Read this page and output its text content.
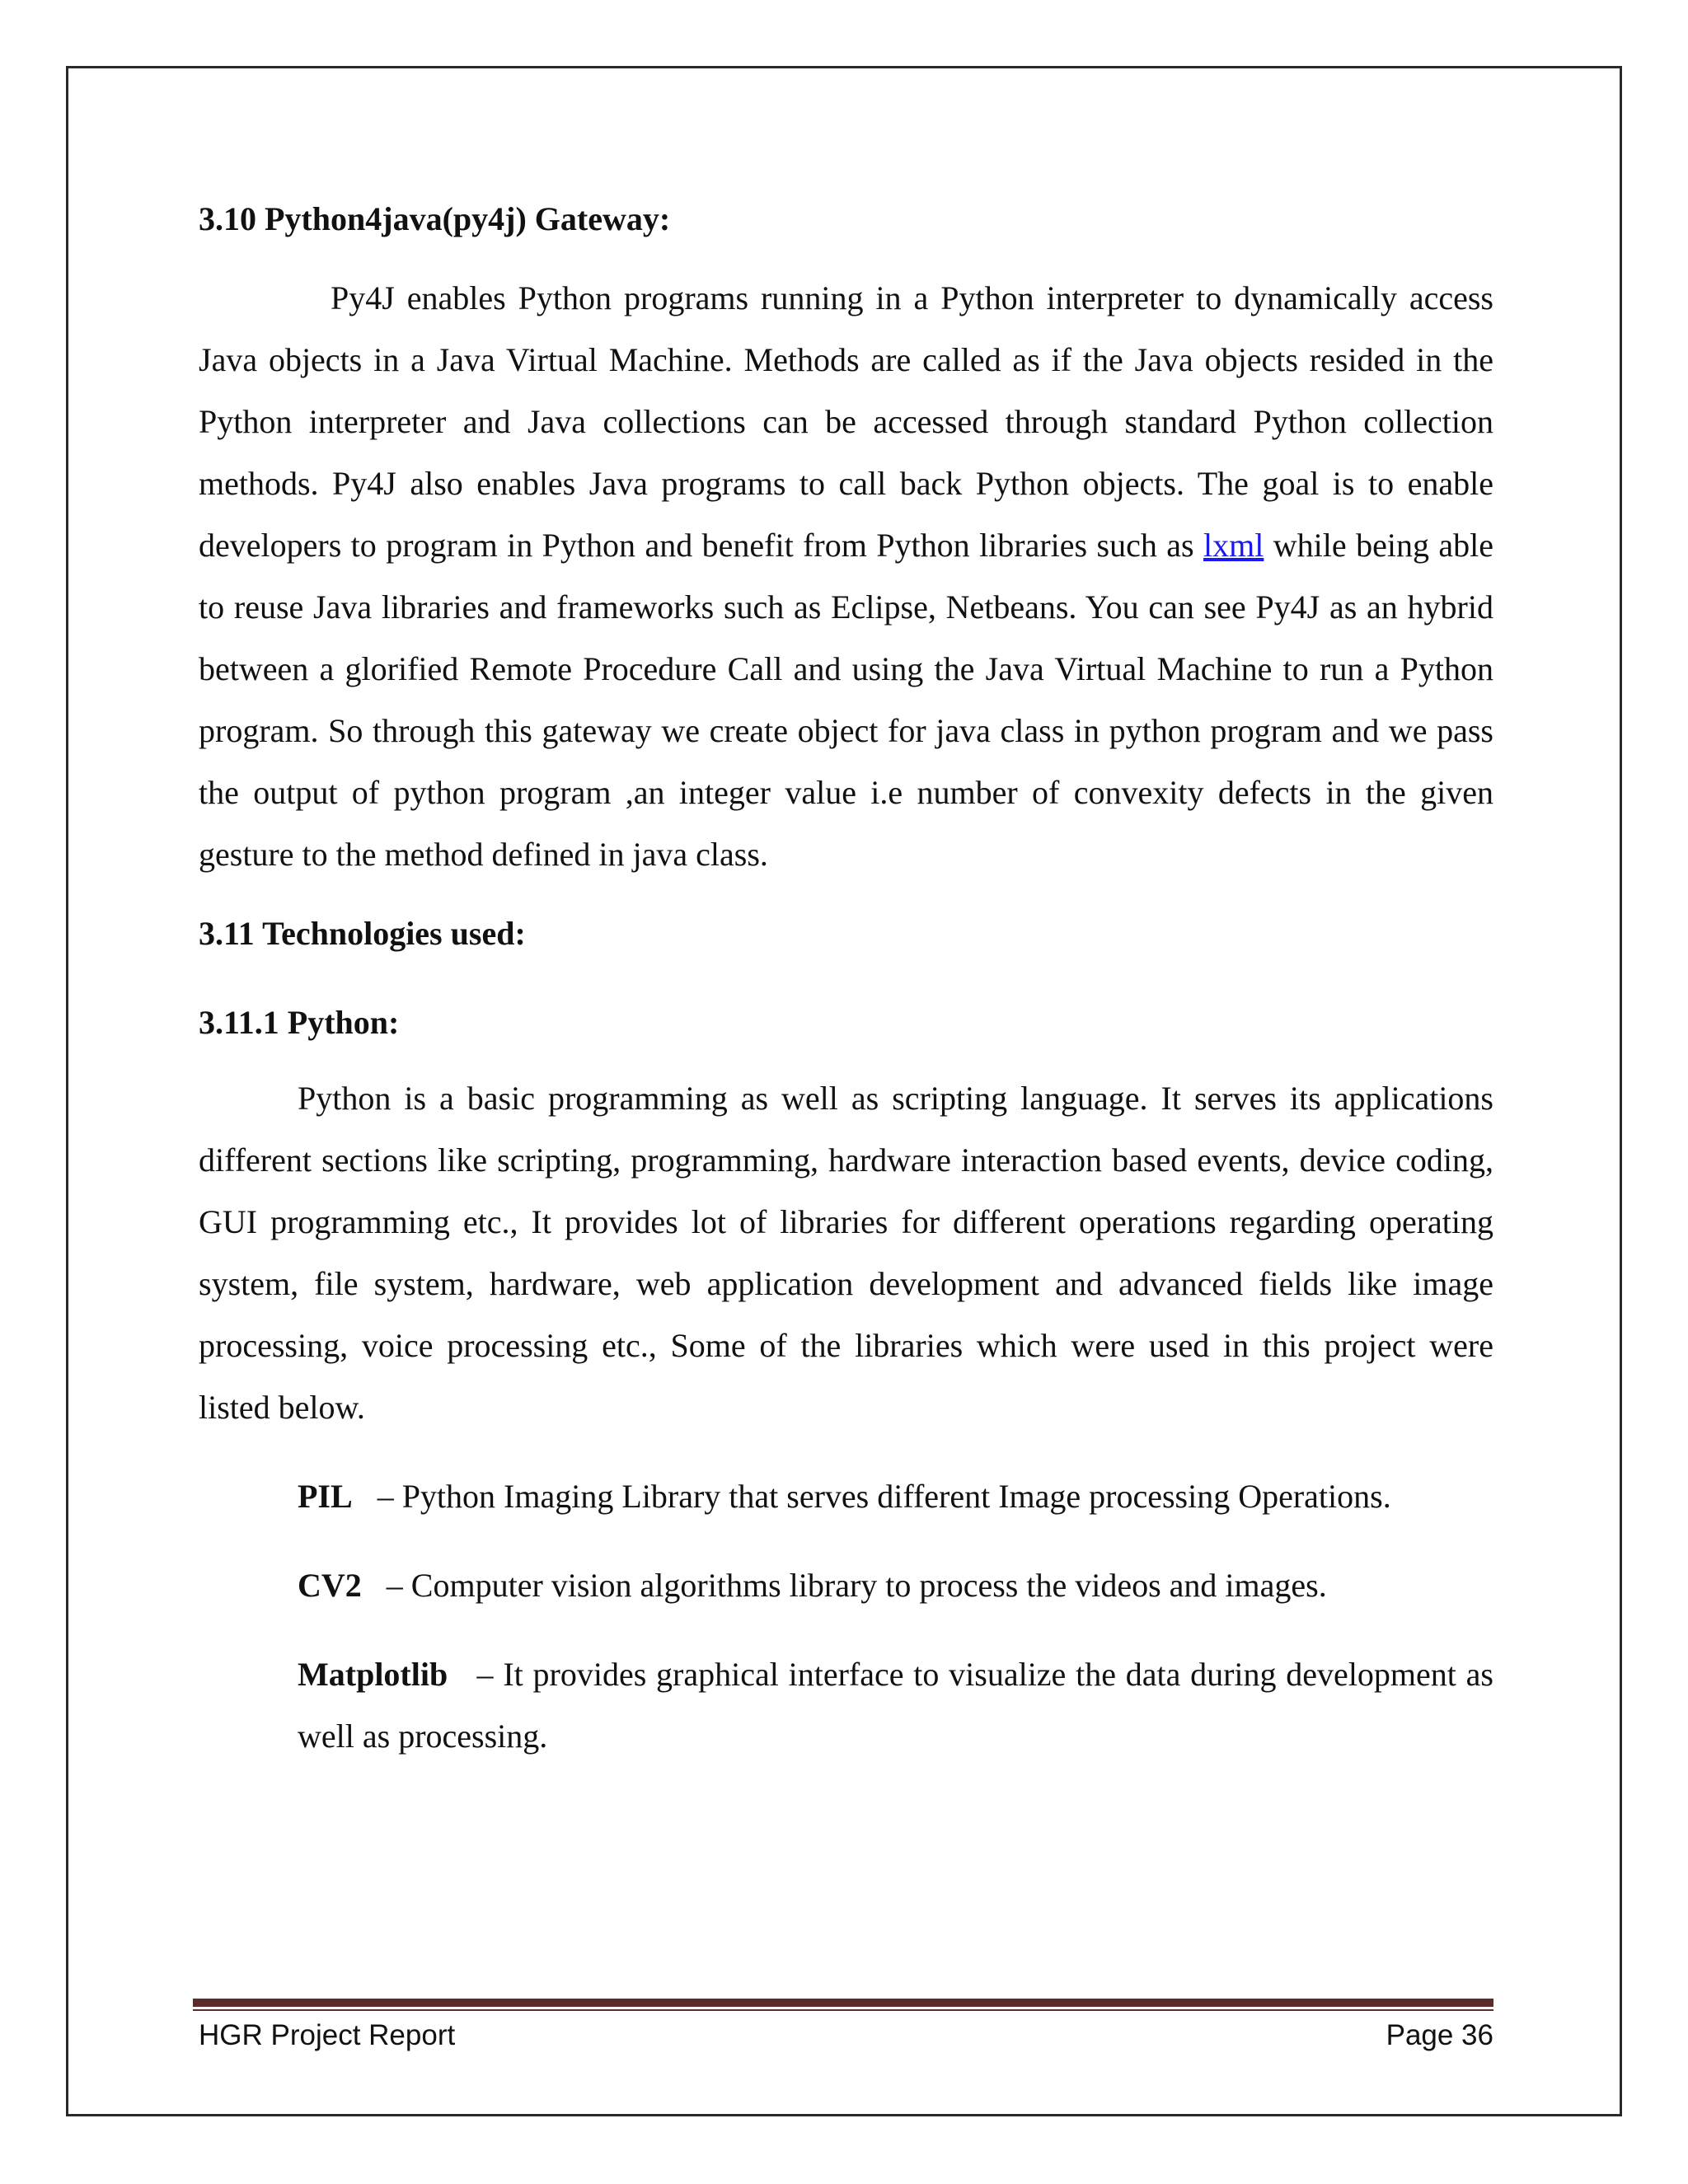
3.10 Python4java(py4j) Gateway:

Py4J enables Python programs running in a Python interpreter to dynamically access Java objects in a Java Virtual Machine. Methods are called as if the Java objects resided in the Python interpreter and Java collections can be accessed through standard Python collection methods. Py4J also enables Java programs to call back Python objects. The goal is to enable developers to program in Python and benefit from Python libraries such as lxml while being able to reuse Java libraries and frameworks such as Eclipse, Netbeans. You can see Py4J as an hybrid between a glorified Remote Procedure Call and using the Java Virtual Machine to run a Python program. So through this gateway we create object for java class in python program and we pass the output of python program ,an integer value i.e number of convexity defects in the given gesture to the method defined in java class.

3.11 Technologies used:
3.11.1 Python:

Python is a basic programming as well as scripting language. It serves its applications different sections like scripting, programming, hardware interaction based events, device coding, GUI programming etc., It provides lot of libraries for different operations regarding operating system, file system, hardware, web application development and advanced fields like image processing, voice processing etc., Some of the libraries which were used in this project were listed below.

PIL   – Python Imaging Library that serves different Image processing Operations.

CV2   – Computer vision algorithms library to process the videos and images.

Matplotlib   – It provides graphical interface to visualize the data during development as well as processing.

HGR Project Report	Page 36
